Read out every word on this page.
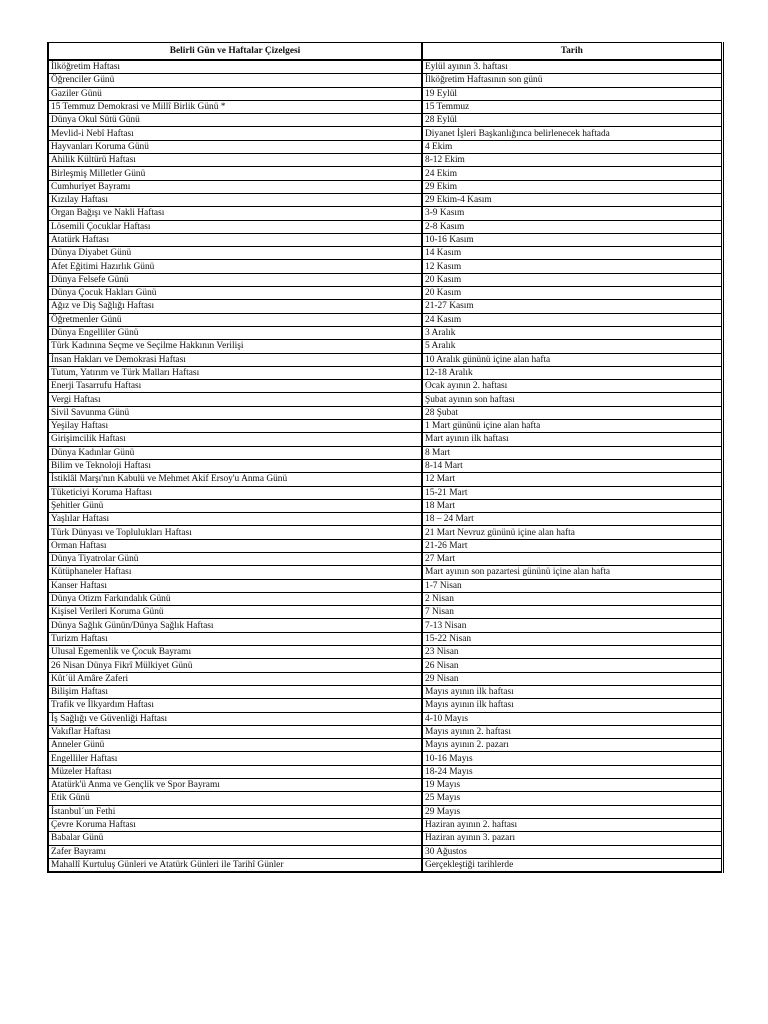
Belirli Gün ve Haftalar Çizelgesi	Tarih
İlköğretim Haftası	Eylül ayının 3. haftası
Öğrenciler Günü	İlköğretim Haftasının son günü
Gaziler Günü	19 Eylül
15 Temmuz Demokrasi ve Millî Birlik Günü *	15 Temmuz
Dünya Okul Sütü Günü	28 Eylül
Mevlid-i Nebî Haftası	Diyanet İşleri Başkanlığınca belirlenecek haftada
Hayvanları Koruma Günü	4 Ekim
Ahilik Kültürü Haftası	8-12 Ekim
Birleşmiş Milletler Günü	24 Ekim
Cumhuriyet Bayramı	29 Ekim
Kızılay Haftası	29 Ekim-4 Kasım
Organ Bağışı ve Nakli Haftası	3-9 Kasım
Lösemili Çocuklar Haftası	2-8 Kasım
Atatürk Haftası	10-16 Kasım
Dünya Diyabet Günü	14 Kasım
Afet Eğitimi Hazırlık Günü	12 Kasım
Dünya Felsefe Günü	20 Kasım
Dünya Çocuk Hakları Günü	20 Kasım
Ağız ve Diş Sağlığı Haftası	21-27 Kasım
Öğretmenler Günü	24 Kasım
Dünya Engelliler Günü	3 Aralık
Türk Kadınına Seçme ve Seçilme Hakkının Verilişi	5 Aralık
İnsan Hakları ve Demokrasi Haftası	10 Aralık gününü içine alan hafta
Tutum, Yatırım ve Türk Malları Haftası	12-18 Aralık
Enerji Tasarrufu Haftası	Ocak ayının 2. haftası
Vergi Haftası	Şubat ayının son haftası
Sivil Savunma Günü	28 Şubat
Yeşilay Haftası	1 Mart gününü içine alan hafta
Girişimcilik Haftası	Mart ayının ilk haftası
Dünya Kadınlar Günü	8 Mart
Bilim ve Teknoloji Haftası	8-14 Mart
İstiklâl Marşı'nın Kabulü ve Mehmet Akif Ersoy'u Anma Günü	12 Mart
Tüketiciyi Koruma Haftası	15-21 Mart
Şehitler Günü	18 Mart
Yaşlılar Haftası	18 – 24 Mart
Türk Dünyası ve Toplulukları Haftası	21 Mart Nevruz gününü içine alan hafta
Orman Haftası	21-26 Mart
Dünya Tiyatrolar Günü	27 Mart
Kütüphaneler Haftası	Mart ayının son pazartesi gününü içine alan hafta
Kanser Haftası	1-7 Nisan
Dünya Otizm Farkındalık Günü	2 Nisan
Kişisel Verileri Koruma Günü	7 Nisan
Dünya Sağlık Günün/Dünya Sağlık Haftası	7-13 Nisan
Turizm Haftası	15-22 Nisan
Ulusal Egemenlik ve Çocuk Bayramı	23 Nisan
26 Nisan Dünya Fikrî Mülkiyet Günü	26 Nisan
Kût´ül Amâre Zaferi	29 Nisan
Bilişim Haftası	Mayıs ayının ilk haftası
Trafik ve İlkyardım Haftası	Mayıs ayının ilk haftası
İş Sağlığı ve Güvenliği Haftası	4-10 Mayıs
Vakıflar Haftası	Mayıs ayının 2. haftası
Anneler Günü	Mayıs ayının 2. pazarı
Engelliler Haftası	10-16 Mayıs
Müzeler Haftası	18-24 Mayıs
Atatürk'ü Anma ve Gençlik ve Spor Bayramı	19 Mayıs
Etik Günü	25 Mayıs
İstanbul´un Fethi	29 Mayıs
Çevre Koruma Haftası	Haziran ayının 2. haftası
Babalar Günü	Haziran ayının 3. pazarı
Zafer Bayramı	30 Ağustos
Mahallî Kurtuluş Günleri ve Atatürk Günleri ile Tarihî Günler	Gerçekleştiği tarihlerde
